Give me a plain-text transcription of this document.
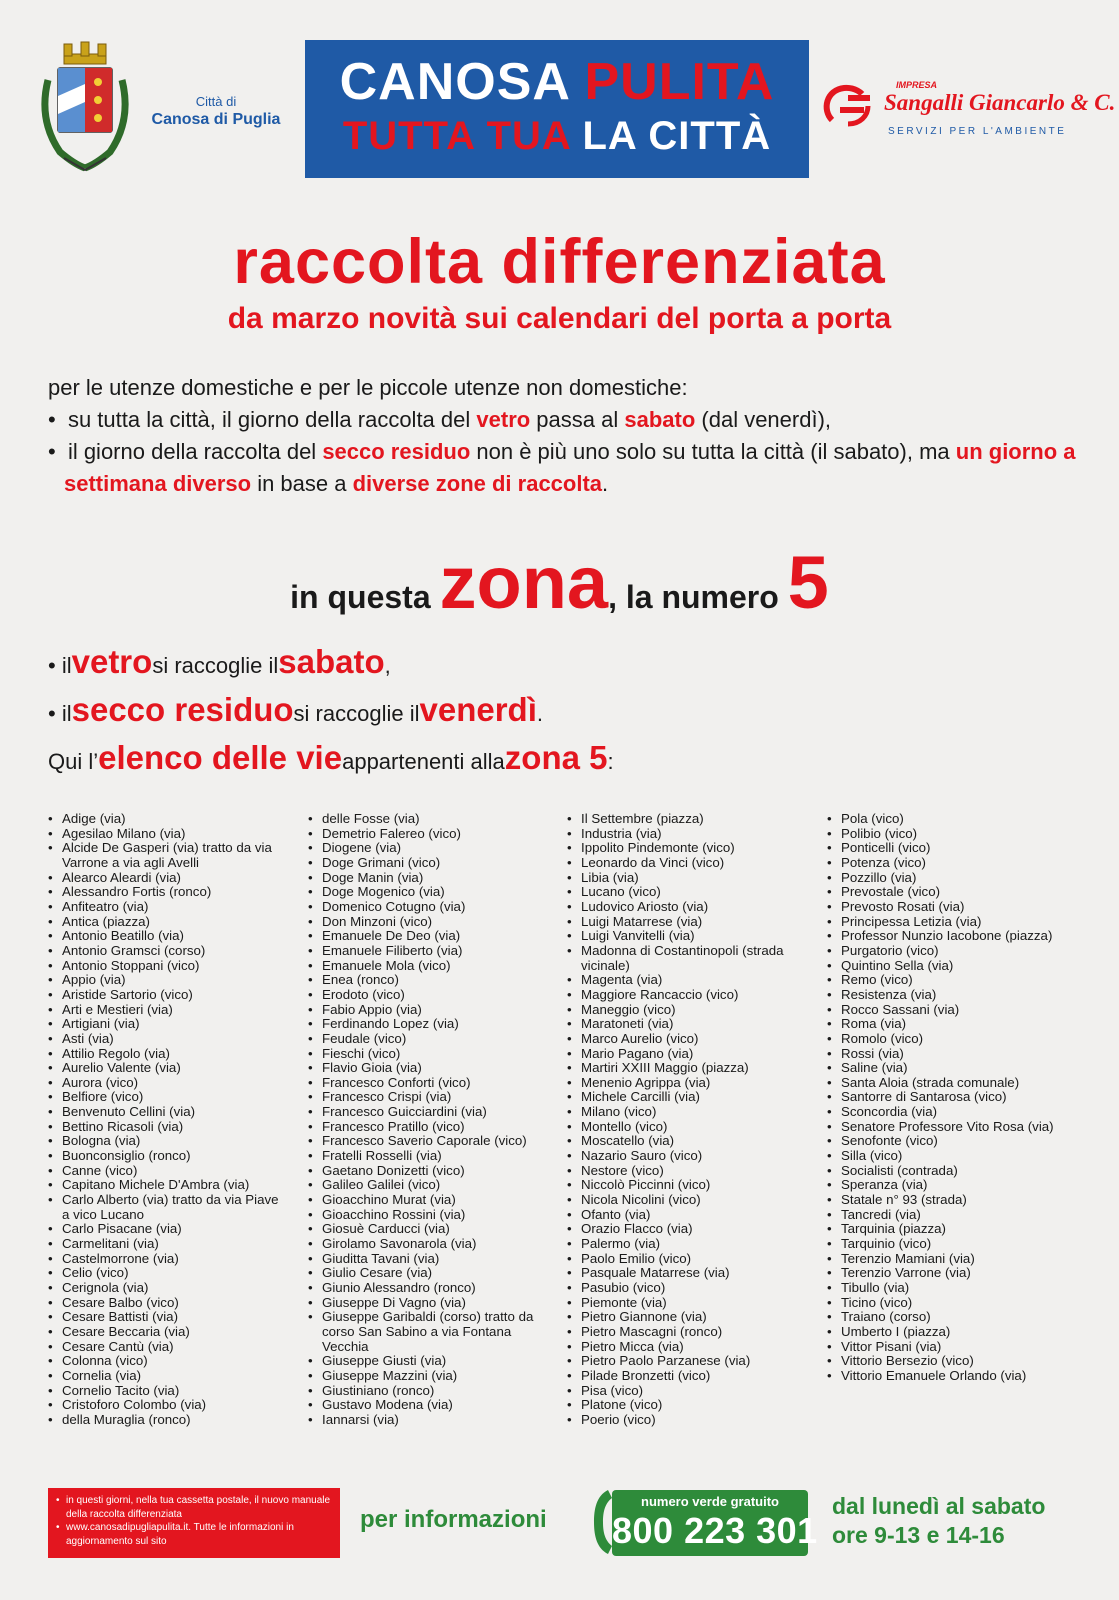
Città di
Canosa di Puglia
CANOSA PULITA
TUTTA TUA LA CITTÀ
IMPRESA
Sangalli Giancarlo & C.
SERVIZI PER L'AMBIENTE
raccolta differenziata
da marzo novità sui calendari del porta a porta

per le utenze domestiche e per le piccole utenze non domestiche:

•  su tutta la città, il giorno della raccolta del vetro passa al sabato (dal venerdì),

•  il giorno della raccolta del secco residuo non è più uno solo su tutta la città (il sabato), ma un giorno a settimana diverso in base a diverse zone di raccolta.

in questa zona, la numero 5
• il vetro si raccoglie il sabato ,
• il secco residuo si raccoglie il venerdì .
Qui l’ elenco delle vie appartenenti alla zona 5 :
• Adige (via)
• Agesilao Milano (via)
• Alcide De Gasperi (via) tratto da via Varrone a via agli Avelli
• Alearco Aleardi (via)
• Alessandro Fortis (ronco)
• Anfiteatro (via)
• Antica (piazza)
• Antonio Beatillo (via)
• Antonio Gramsci (corso)
• Antonio Stoppani (vico)
• Appio (via)
• Aristide Sartorio (vico)
• Arti e Mestieri (via)
• Artigiani (via)
• Asti (via)
• Attilio Regolo (via)
• Aurelio Valente (via)
• Aurora (vico)
• Belfiore (vico)
• Benvenuto Cellini (via)
• Bettino Ricasoli (via)
• Bologna (via)
• Buonconsiglio (ronco)
• Canne (vico)
• Capitano Michele D'Ambra (via)
• Carlo Alberto (via) tratto da via Piave a vico Lucano
• Carlo Pisacane (via)
• Carmelitani (via)
• Castelmorrone (via)
• Celio (vico)
• Cerignola (via)
• Cesare Balbo (vico)
• Cesare Battisti (via)
• Cesare Beccaria (via)
• Cesare Cantù (via)
• Colonna (vico)
• Cornelia (via)
• Cornelio Tacito (via)
• Cristoforo Colombo (via)
• della Muraglia (ronco)
• delle Fosse (via)
• Demetrio Falereo (vico)
• Diogene (via)
• Doge Grimani (vico)
• Doge Manin (via)
• Doge Mogenico (via)
• Domenico Cotugno (via)
• Don Minzoni (vico)
• Emanuele De Deo (via)
• Emanuele Filiberto (via)
• Emanuele Mola (vico)
• Enea (ronco)
• Erodoto (vico)
• Fabio Appio (via)
• Ferdinando Lopez (via)
• Feudale (vico)
• Fieschi (vico)
• Flavio Gioia (via)
• Francesco Conforti (vico)
• Francesco Crispi (via)
• Francesco Guicciardini (via)
• Francesco Pratillo (vico)
• Francesco Saverio Caporale (vico)
• Fratelli Rosselli (via)
• Gaetano Donizetti (vico)
• Galileo Galilei (vico)
• Gioacchino Murat (via)
• Gioacchino Rossini (via)
• Giosuè Carducci (via)
• Girolamo Savonarola (via)
• Giuditta Tavani (via)
• Giulio Cesare (via)
• Giunio Alessandro (ronco)
• Giuseppe Di Vagno (via)
• Giuseppe Garibaldi (corso) tratto da corso San Sabino a via Fontana Vecchia
• Giuseppe Giusti (via)
• Giuseppe Mazzini (via)
• Giustiniano (ronco)
• Gustavo Modena (via)
• Iannarsi (via)
• Il Settembre (piazza)
• Industria (via)
• Ippolito Pindemonte (vico)
• Leonardo da Vinci (vico)
• Libia (via)
• Lucano (vico)
• Ludovico Ariosto (via)
• Luigi Matarrese (via)
• Luigi Vanvitelli (via)
• Madonna di Costantinopoli (strada vicinale)
• Magenta (via)
• Maggiore Rancaccio (vico)
• Maneggio (vico)
• Maratoneti (via)
• Marco Aurelio (vico)
• Mario Pagano (via)
• Martiri XXIII Maggio (piazza)
• Menenio Agrippa (via)
• Michele Carcilli (via)
• Milano (vico)
• Montello (vico)
• Moscatello (via)
• Nazario Sauro (vico)
• Nestore (vico)
• Niccolò Piccinni (vico)
• Nicola Nicolini (vico)
• Ofanto (via)
• Orazio Flacco (via)
• Palermo (via)
• Paolo Emilio (vico)
• Pasquale Matarrese (via)
• Pasubio (vico)
• Piemonte (via)
• Pietro Giannone (via)
• Pietro Mascagni (ronco)
• Pietro Micca (via)
• Pietro Paolo Parzanese (via)
• Pilade Bronzetti (vico)
• Pisa (vico)
• Platone (vico)
• Poerio (vico)
• Pola (vico)
• Polibio (vico)
• Ponticelli (vico)
• Potenza (vico)
• Pozzillo (via)
• Prevostale (vico)
• Prevosto Rosati (via)
• Principessa Letizia (via)
• Professor Nunzio Iacobone (piazza)
• Purgatorio (vico)
• Quintino Sella (via)
• Remo (vico)
• Resistenza (via)
• Rocco Sassani (via)
• Roma (via)
• Romolo (vico)
• Rossi (via)
• Saline (via)
• Santa Aloia (strada comunale)
• Santorre di Santarosa (vico)
• Sconcordia (via)
• Senatore Professore Vito Rosa (via)
• Senofonte (vico)
• Silla (vico)
• Socialisti (contrada)
• Speranza (via)
• Statale n° 93 (strada)
• Tancredi (via)
• Tarquinia (piazza)
• Tarquinio (vico)
• Terenzio Mamiani (via)
• Terenzio Varrone (via)
• Tibullo (via)
• Ticino (vico)
• Traiano (corso)
• Umberto I (piazza)
• Vittor Pisani (via)
• Vittorio Bersezio (vico)
• Vittorio Emanuele Orlando (via)
• in questi giorni, nella tua cassetta postale, il nuovo manuale della raccolta differenziata
• www.canosadipugliapulita.it. Tutte le informazioni in aggiornamento sul sito
per informazioni
numero verde gratuito
800 223 301
dal lunedì al sabato
ore 9-13 e 14-16
